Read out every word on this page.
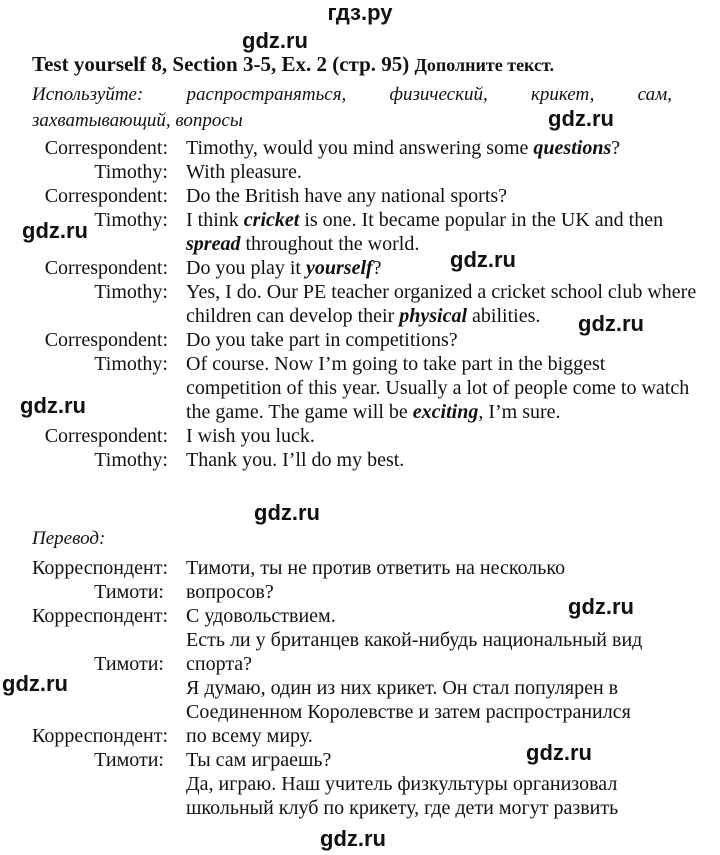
гдз.ру
gdz.ru
gdz.ru
gdz.ru
gdz.ru
gdz.ru
gdz.ru
gdz.ru
gdz.ru
gdz.ru
gdz.ru
gdz.ru
Test yourself 8, Section 3-5, Ex. 2 (стр. 95) Дополните текст.
Используйте: распространяться, физический, крикет, сам,
захватывающий, вопросы
Correspondent: Timothy, would you mind answering some questions?
Timothy: With pleasure.
Correspondent: Do the British have any national sports?
Timothy: I think cricket is one. It became popular in the UK and then
spread throughout the world.
Correspondent: Do you play it yourself?
Timothy: Yes, I do. Our PE teacher organized a cricket school club where
children can develop their physical abilities.
Correspondent: Do you take part in competitions?
Timothy: Of course. Now I’m going to take part in the biggest
competition of this year. Usually a lot of people come to watch
the game. The game will be exciting, I’m sure.
Correspondent: I wish you luck.
Timothy: Thank you. I’ll do my best.
Перевод:
Корреспондент: Тимоти, ты не против ответить на несколько
Тимоти: вопросов?
Корреспондент: С удовольствием.
Есть ли у британцев какой-нибудь национальный вид
Тимоти: спорта?
Я думаю, один из них крикет. Он стал популярен в
Соединенном Королевстве и затем распространился
Корреспондент: по всему миру.
Тимоти: Ты сам играешь?
Да, играю. Наш учитель физкультуры организовал
школьный клуб по крикету, где дети могут развить
